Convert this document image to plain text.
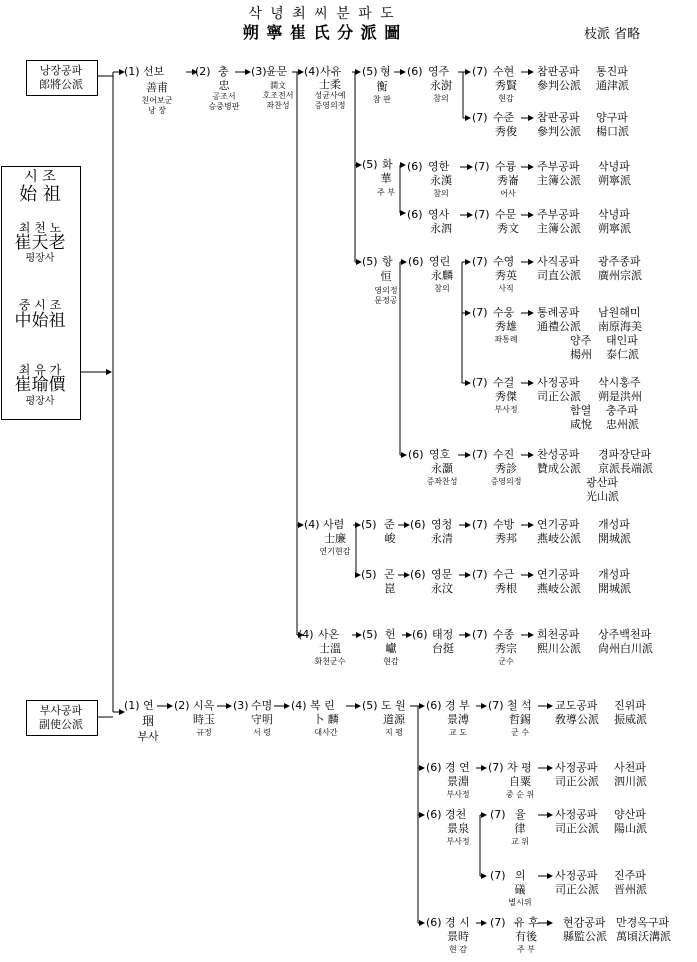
삭 녕 최 씨 분 파 도
朔 寧 崔 氏 分 派 圖	枝派 省略
시 조
始 祖
최 천 노
崔天老
평장사
중 시 조
中始祖
최 유 가
崔瑜價
평장사
낭장공파
郎將公派
부사공파
副使公派
(1) 선보
善甫
친어보군
낭 장
(2) 충
忠
공조서
승중병판
(3) 윤문
潤文
호조전서
좌찬성
(4) 사유
士柔
성균사예
증영의정
(5) 형
衡
참 판
(6) 영주
永澍
참의
(7) 수현
秀賢
현감
(7) 수준
秀俊
(5) 화
華
주 부
(6) 영한
永漢
참의
(7) 수륭
秀崙
어사
(6) 영사
永泗
(7) 수문
秀文
(5) 항
恒
영의정
문정공
(6) 영린
永麟
참의
(7) 수영
秀英
사직
(7) 수웅
秀雄
좌통례
(7) 수걸
秀傑
부사정
(6) 영호
永灝
증좌찬성
(7) 수진
秀診
증영의정
(4) 사렴
士廉
연기현감
(5) 준
峻
(6) 영청
永清
(7) 수방
秀邦
(5) 곤
崑
(6) 영문
永汶
(7) 수근
秀根
(4) 사온
士溫
화천군수
(5) 헌
巘
현감
(6) 태정
台挺
(7) 수종
秀宗
군수
(1) 연
珚
부사
(2) 시옥
時玉
규정
(3) 수명
守明
서 령
(4) 복 린
卜 麟
대사간
(5) 도 원
道源
지 평
(6) 경 부
景溥
교 도
(7) 철 석
哲錫
군 수
(6) 경 연
景淵
부사정
(7) 자 평
自粟
중 순 위
(6) 경천
景泉
부사정
(7) 율
律
교 위
(7) 의
礒
별시위
(6) 경 시
景時
현 감
(7) 유 후
有後
주 부
참판공파 통진파
參判公派 通津派
참판공파 양구파
參判公派 楊口派
주부공파 삭녕파
主簿公派 朔寧派
주부공파 삭녕파
主簿公派 朔寧派
사직공파 광주종파
司直公派 廣州宗派
통례공파 남원해미
通禮公派 南原海美
양주 태인파
楊州 泰仁派
사정공파 삭시홍주
司正公派 朔是洪州
함열 충주파
咸悅 忠州派
찬성공파 경파장단파
贊成公派 京派長端派
광산파
光山派
연기공파 개성파
燕岐公派 開城派
연기공파 개성파
燕岐公派 開城派
희천공파 상주백천파
熙川公派 尙州白川派
교도공파 진위파
敎導公派 振威派
사정공파 사천파
司正公派 泗川派
사정공파 양산파
司正公派 陽山派
사정공파 진주파
司正公派 晋州派
현감공파 만경옥구파
縣監公派 萬頃沃溝派
